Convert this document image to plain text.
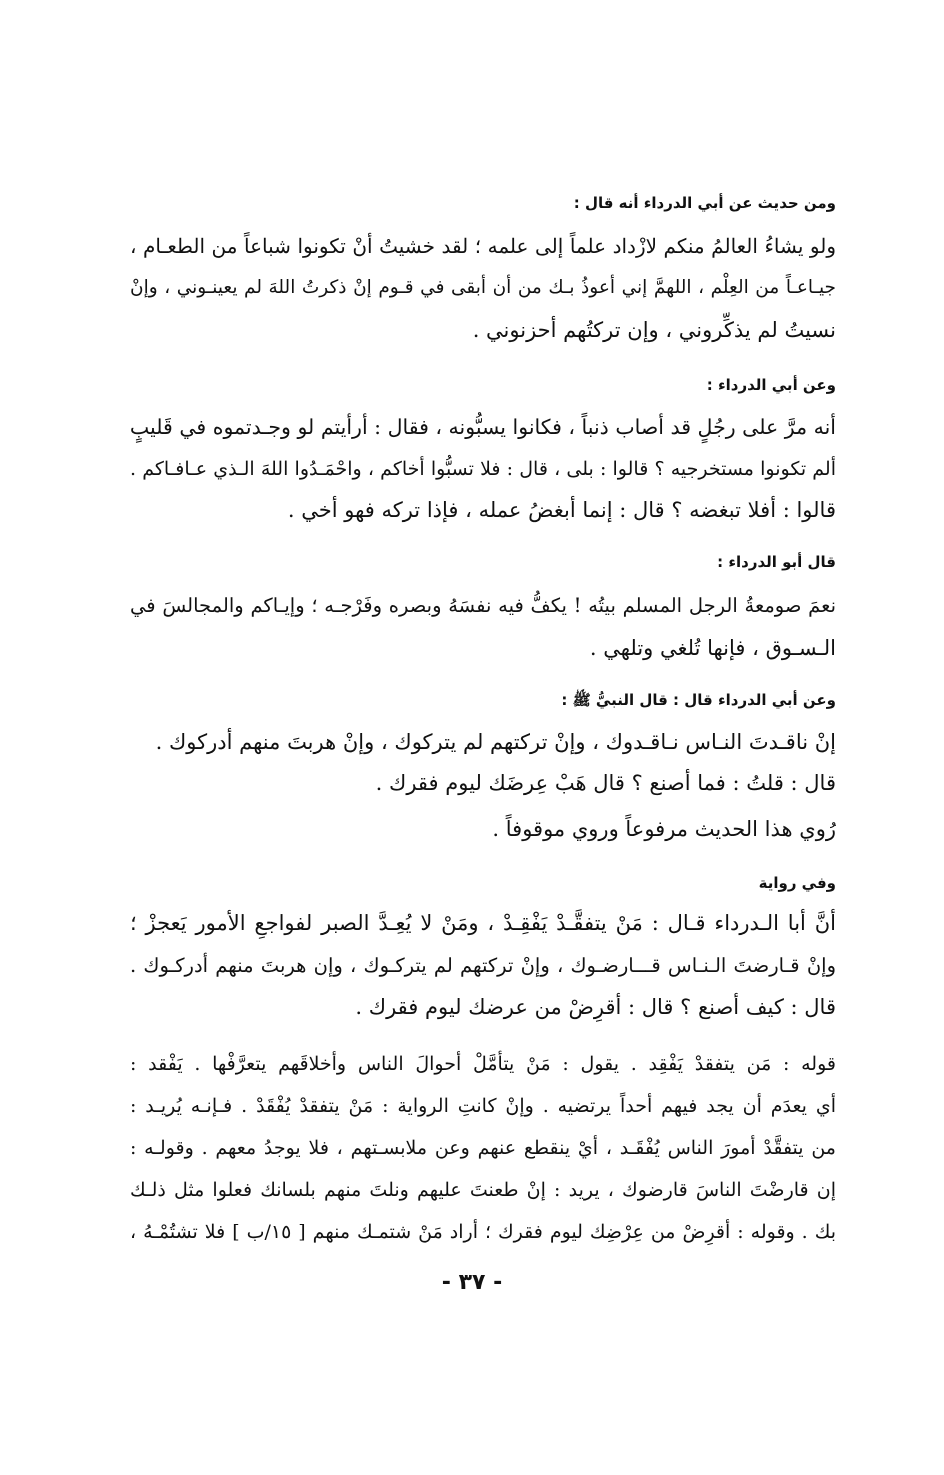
ومن حديث عن أبي الدرداء أنه قال :
ولو يشاءُ العالمُ منكم لازْداد علماً إلى علمه ؛ لقد خشيتُ أنْ تكونوا شباعاً من الطعـام ،
جيـاعـاً من العِلْم ، اللهمَّ إني أعوذُ بـك من أن أبقى في قـوم إنْ ذكرتُ اللهَ لم يعينـوني ، وإنْ
نسيتُ لم يذكِّروني ، وإن تركتُهم أحزنوني .
وعن أبي الدرداء :
أنه مرَّ على رجُلٍ قد أصاب ذنباً ، فكانوا يسبُّونه ، فقال : أرأيتم لو وجـدتموه في قَليبٍ
ألم تكونوا مستخرجيه ؟ قالوا : بلى ، قال : فلا تسبُّوا أخاكم ، واحْمَـدُوا اللهَ الـذي عـافـاكم .
قالوا : أفلا تبغضه ؟ قال : إنما أبغضُ عمله ، فإذا تركه فهو أخي .
قال أبو الدرداء :
نعمَ صومعةُ الرجل المسلم بيتُه ! يكفُّ فيه نفسَهُ وبصره وفَرْجـه ؛ وإيـاكم والمجالسَ في
الـسـوق ، فإنها تُلغي وتلهي .
وعن أبي الدرداء قال : قال النبيُّ ﷺ :
إنْ ناقـدتَ النـاس نـاقـدوك ، وإنْ تركتهم لم يتركوك ، وإنْ هربتَ منهم أدركوك .
قال : قلتُ : فما أصنع ؟ قال هَبْ عِرضَك ليوم فقرك .
رُوي هذا الحديث مرفوعاً وروي موقوفاً .
وفي رواية
أنَّ أبا الـدرداء قـال : مَنْ يتفقَّـدْ يَفْقِـدْ ، ومَنْ لا يُعِـدَّ الصبر لفواجعِ الأمور يَعجزْ ؛
وإنْ قـارضتَ الـنـاس قـــارضـوك ، وإنْ تركتهم لم يتركـوك ، وإن هربتَ منهم أدركـوك .
قال : كيف أصنع ؟ قال : أقرِضْ من عرضك ليوم فقرك .
قوله : مَن يتفقدْ يَفْقِد . يقول : مَنْ يتأمَّلْ أحوالَ الناس وأخلاقَهم يتعرَّفْها . يَفْقد :
أي يعدَم أن يجد فيهم أحداً يرتضيه . وإنْ كانتِ الرواية : مَنْ يتفقدْ يُفْقَدْ . فـإنـه يُريـد :
من يتفقَّدْ أمورَ الناس يُفْقَـد ، أيْ ينقطع عنهم وعن ملابسـتهم ، فلا يوجدُ معهم . وقولـه :
إن قارضْتَ الناسَ قارضوك ، يريد : إنْ طعنتَ عليهم ونلتَ منهم بلسانك فعلوا مثل ذلـك
بك . وقوله : أقرِضْ من عِرْضِك ليوم فقرك ؛ أراد مَنْ شتمـك منهم [ ١٥/ب ] فلا تشتُمْـهُ ،
- ٣٧ -
